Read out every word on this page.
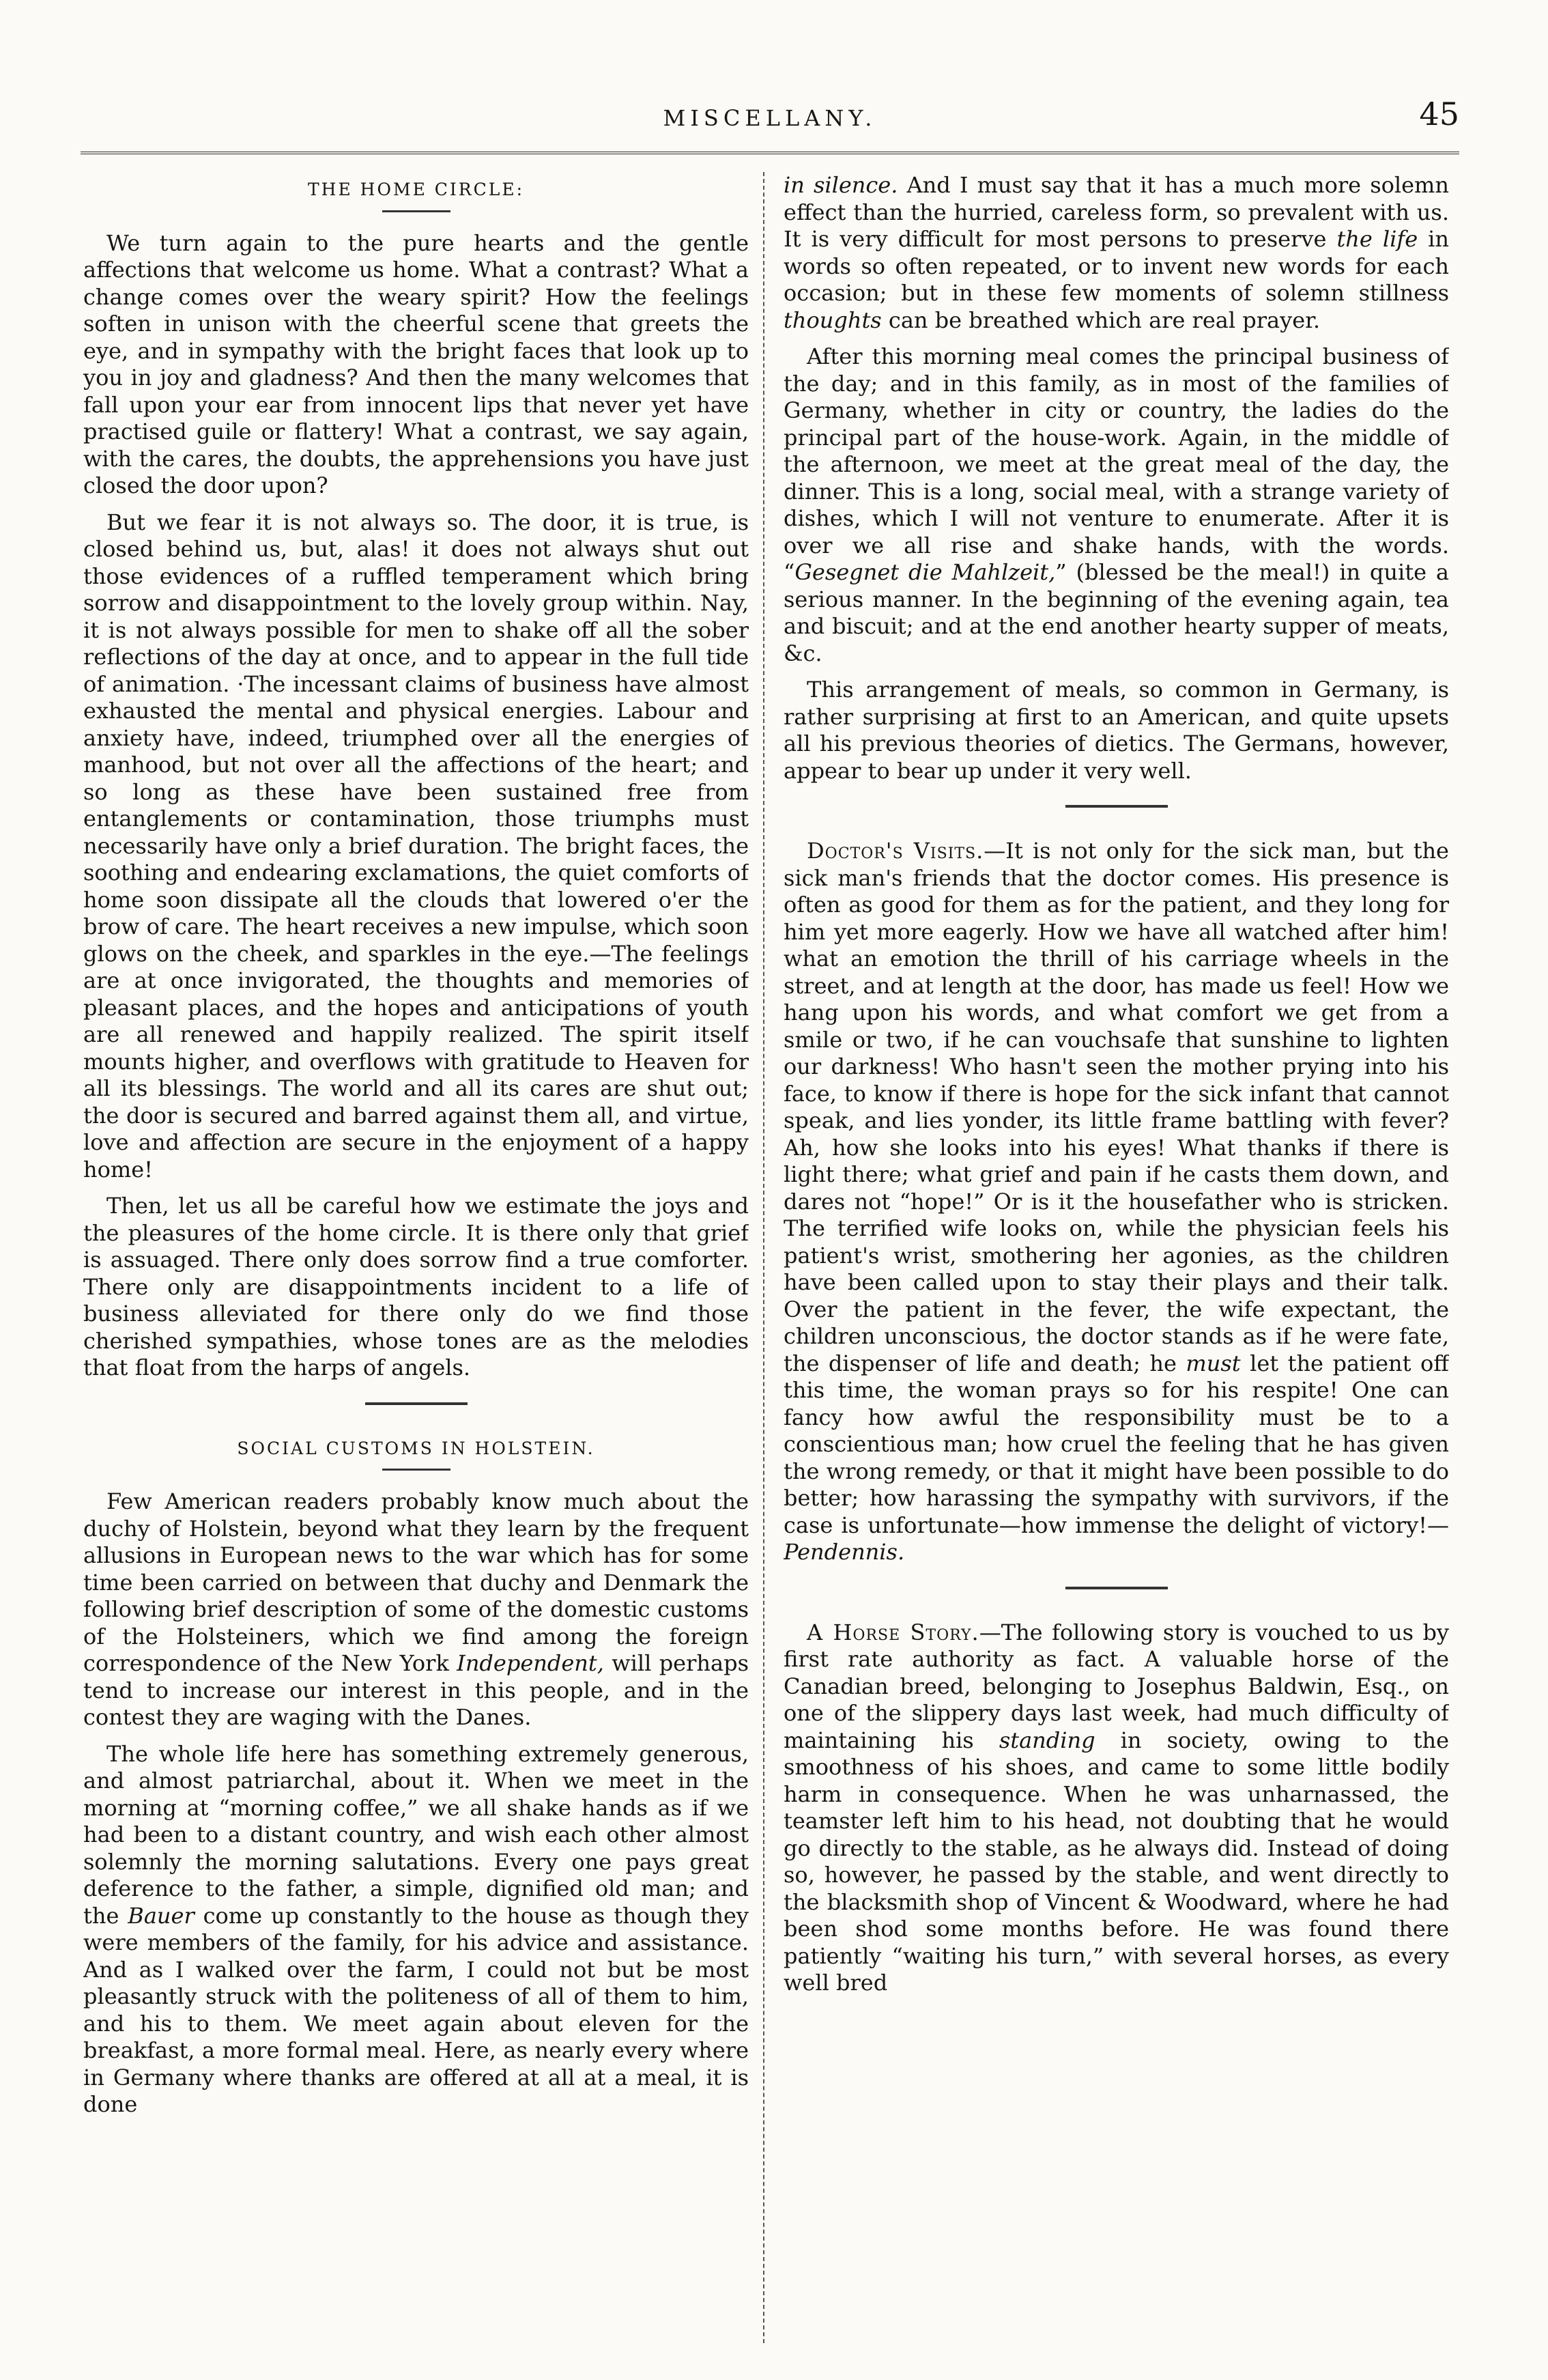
MISCELLANY.	45
THE HOME CIRCLE:

We turn again to the pure hearts and the gentle affections that welcome us home. What a contrast? What a change comes over the weary spirit? How the feelings soften in unison with the cheerful scene that greets the eye, and in sympathy with the bright faces that look up to you in joy and gladness? And then the many welcomes that fall upon your ear from innocent lips that never yet have practised guile or flattery! What a contrast, we say again, with the cares, the doubts, the apprehensions you have just closed the door upon?

But we fear it is not always so. The door, it is true, is closed behind us, but, alas! it does not always shut out those evidences of a ruffled temperament which bring sorrow and disappointment to the lovely group within. Nay, it is not always possible for men to shake off all the sober reflections of the day at once, and to appear in the full tide of animation. ·The incessant claims of business have almost exhausted the mental and physical energies. Labour and anxiety have, indeed, triumphed over all the energies of manhood, but not over all the affections of the heart; and so long as these have been sustained free from entanglements or contamination, those triumphs must necessarily have only a brief duration. The bright faces, the soothing and endearing exclamations, the quiet comforts of home soon dissipate all the clouds that lowered o'er the brow of care. The heart receives a new impulse, which soon glows on the cheek, and sparkles in the eye.—The feelings are at once invigorated, the thoughts and memories of pleasant places, and the hopes and anticipations of youth are all renewed and happily realized. The spirit itself mounts higher, and overflows with gratitude to Heaven for all its blessings. The world and all its cares are shut out; the door is secured and barred against them all, and virtue, love and affection are secure in the enjoyment of a happy home!

Then, let us all be careful how we estimate the joys and the pleasures of the home circle. It is there only that grief is assuaged. There only does sorrow find a true comforter. There only are disappointments incident to a life of business alleviated for there only do we find those cherished sympathies, whose tones are as the melodies that float from the harps of angels.

SOCIAL CUSTOMS IN HOLSTEIN.

Few American readers probably know much about the duchy of Holstein, beyond what they learn by the frequent allusions in European news to the war which has for some time been carried on between that duchy and Denmark the following brief description of some of the domestic customs of the Holsteiners, which we find among the foreign correspondence of the New York Independent, will perhaps tend to increase our interest in this people, and in the contest they are waging with the Danes.

The whole life here has something extremely generous, and almost patriarchal, about it. When we meet in the morning at “morning coffee,” we all shake hands as if we had been to a distant country, and wish each other almost solemnly the morning salutations. Every one pays great deference to the father, a simple, dignified old man; and the Bauer come up constantly to the house as though they were members of the family, for his advice and assistance. And as I walked over the farm, I could not but be most pleasantly struck with the politeness of all of them to him, and his to them. We meet again about eleven for the breakfast, a more formal meal. Here, as nearly every where in Germany where thanks are offered at all at a meal, it is done

in silence. And I must say that it has a much more solemn effect than the hurried, careless form, so prevalent with us. It is very difficult for most persons to preserve the life in words so often repeated, or to invent new words for each occasion; but in these few moments of solemn stillness thoughts can be breathed which are real prayer.

After this morning meal comes the principal business of the day; and in this family, as in most of the families of Germany, whether in city or country, the ladies do the principal part of the house-work. Again, in the middle of the afternoon, we meet at the great meal of the day, the dinner. This is a long, social meal, with a strange variety of dishes, which I will not venture to enumerate. After it is over we all rise and shake hands, with the words. “Gesegnet die Mahlzeit,” (blessed be the meal!) in quite a serious manner. In the beginning of the evening again, tea and biscuit; and at the end another hearty supper of meats, &c.

This arrangement of meals, so common in Germany, is rather surprising at first to an American, and quite upsets all his previous theories of dietics. The Germans, however, appear to bear up under it very well.

Doctor's Visits.—It is not only for the sick man, but the sick man's friends that the doctor comes. His presence is often as good for them as for the patient, and they long for him yet more eagerly. How we have all watched after him! what an emotion the thrill of his carriage wheels in the street, and at length at the door, has made us feel! How we hang upon his words, and what comfort we get from a smile or two, if he can vouchsafe that sunshine to lighten our darkness! Who hasn't seen the mother prying into his face, to know if there is hope for the sick infant that cannot speak, and lies yonder, its little frame battling with fever? Ah, how she looks into his eyes! What thanks if there is light there; what grief and pain if he casts them down, and dares not “hope!” Or is it the housefather who is stricken. The terrified wife looks on, while the physician feels his patient's wrist, smothering her agonies, as the children have been called upon to stay their plays and their talk. Over the patient in the fever, the wife expectant, the children unconscious, the doctor stands as if he were fate, the dispenser of life and death; he must let the patient off this time, the woman prays so for his respite! One can fancy how awful the responsibility must be to a conscientious man; how cruel the feeling that he has given the wrong remedy, or that it might have been possible to do better; how harassing the sympathy with survivors, if the case is unfortunate—how immense the delight of victory!—Pendennis.

A Horse Story.—The following story is vouched to us by first rate authority as fact. A valuable horse of the Canadian breed, belonging to Josephus Baldwin, Esq., on one of the slippery days last week, had much difficulty of maintaining his standing in society, owing to the smoothness of his shoes, and came to some little bodily harm in consequence. When he was unharnassed, the teamster left him to his head, not doubting that he would go directly to the stable, as he always did. Instead of doing so, however, he passed by the stable, and went directly to the blacksmith shop of Vincent & Woodward, where he had been shod some months before. He was found there patiently “waiting his turn,” with several horses, as every well bred
